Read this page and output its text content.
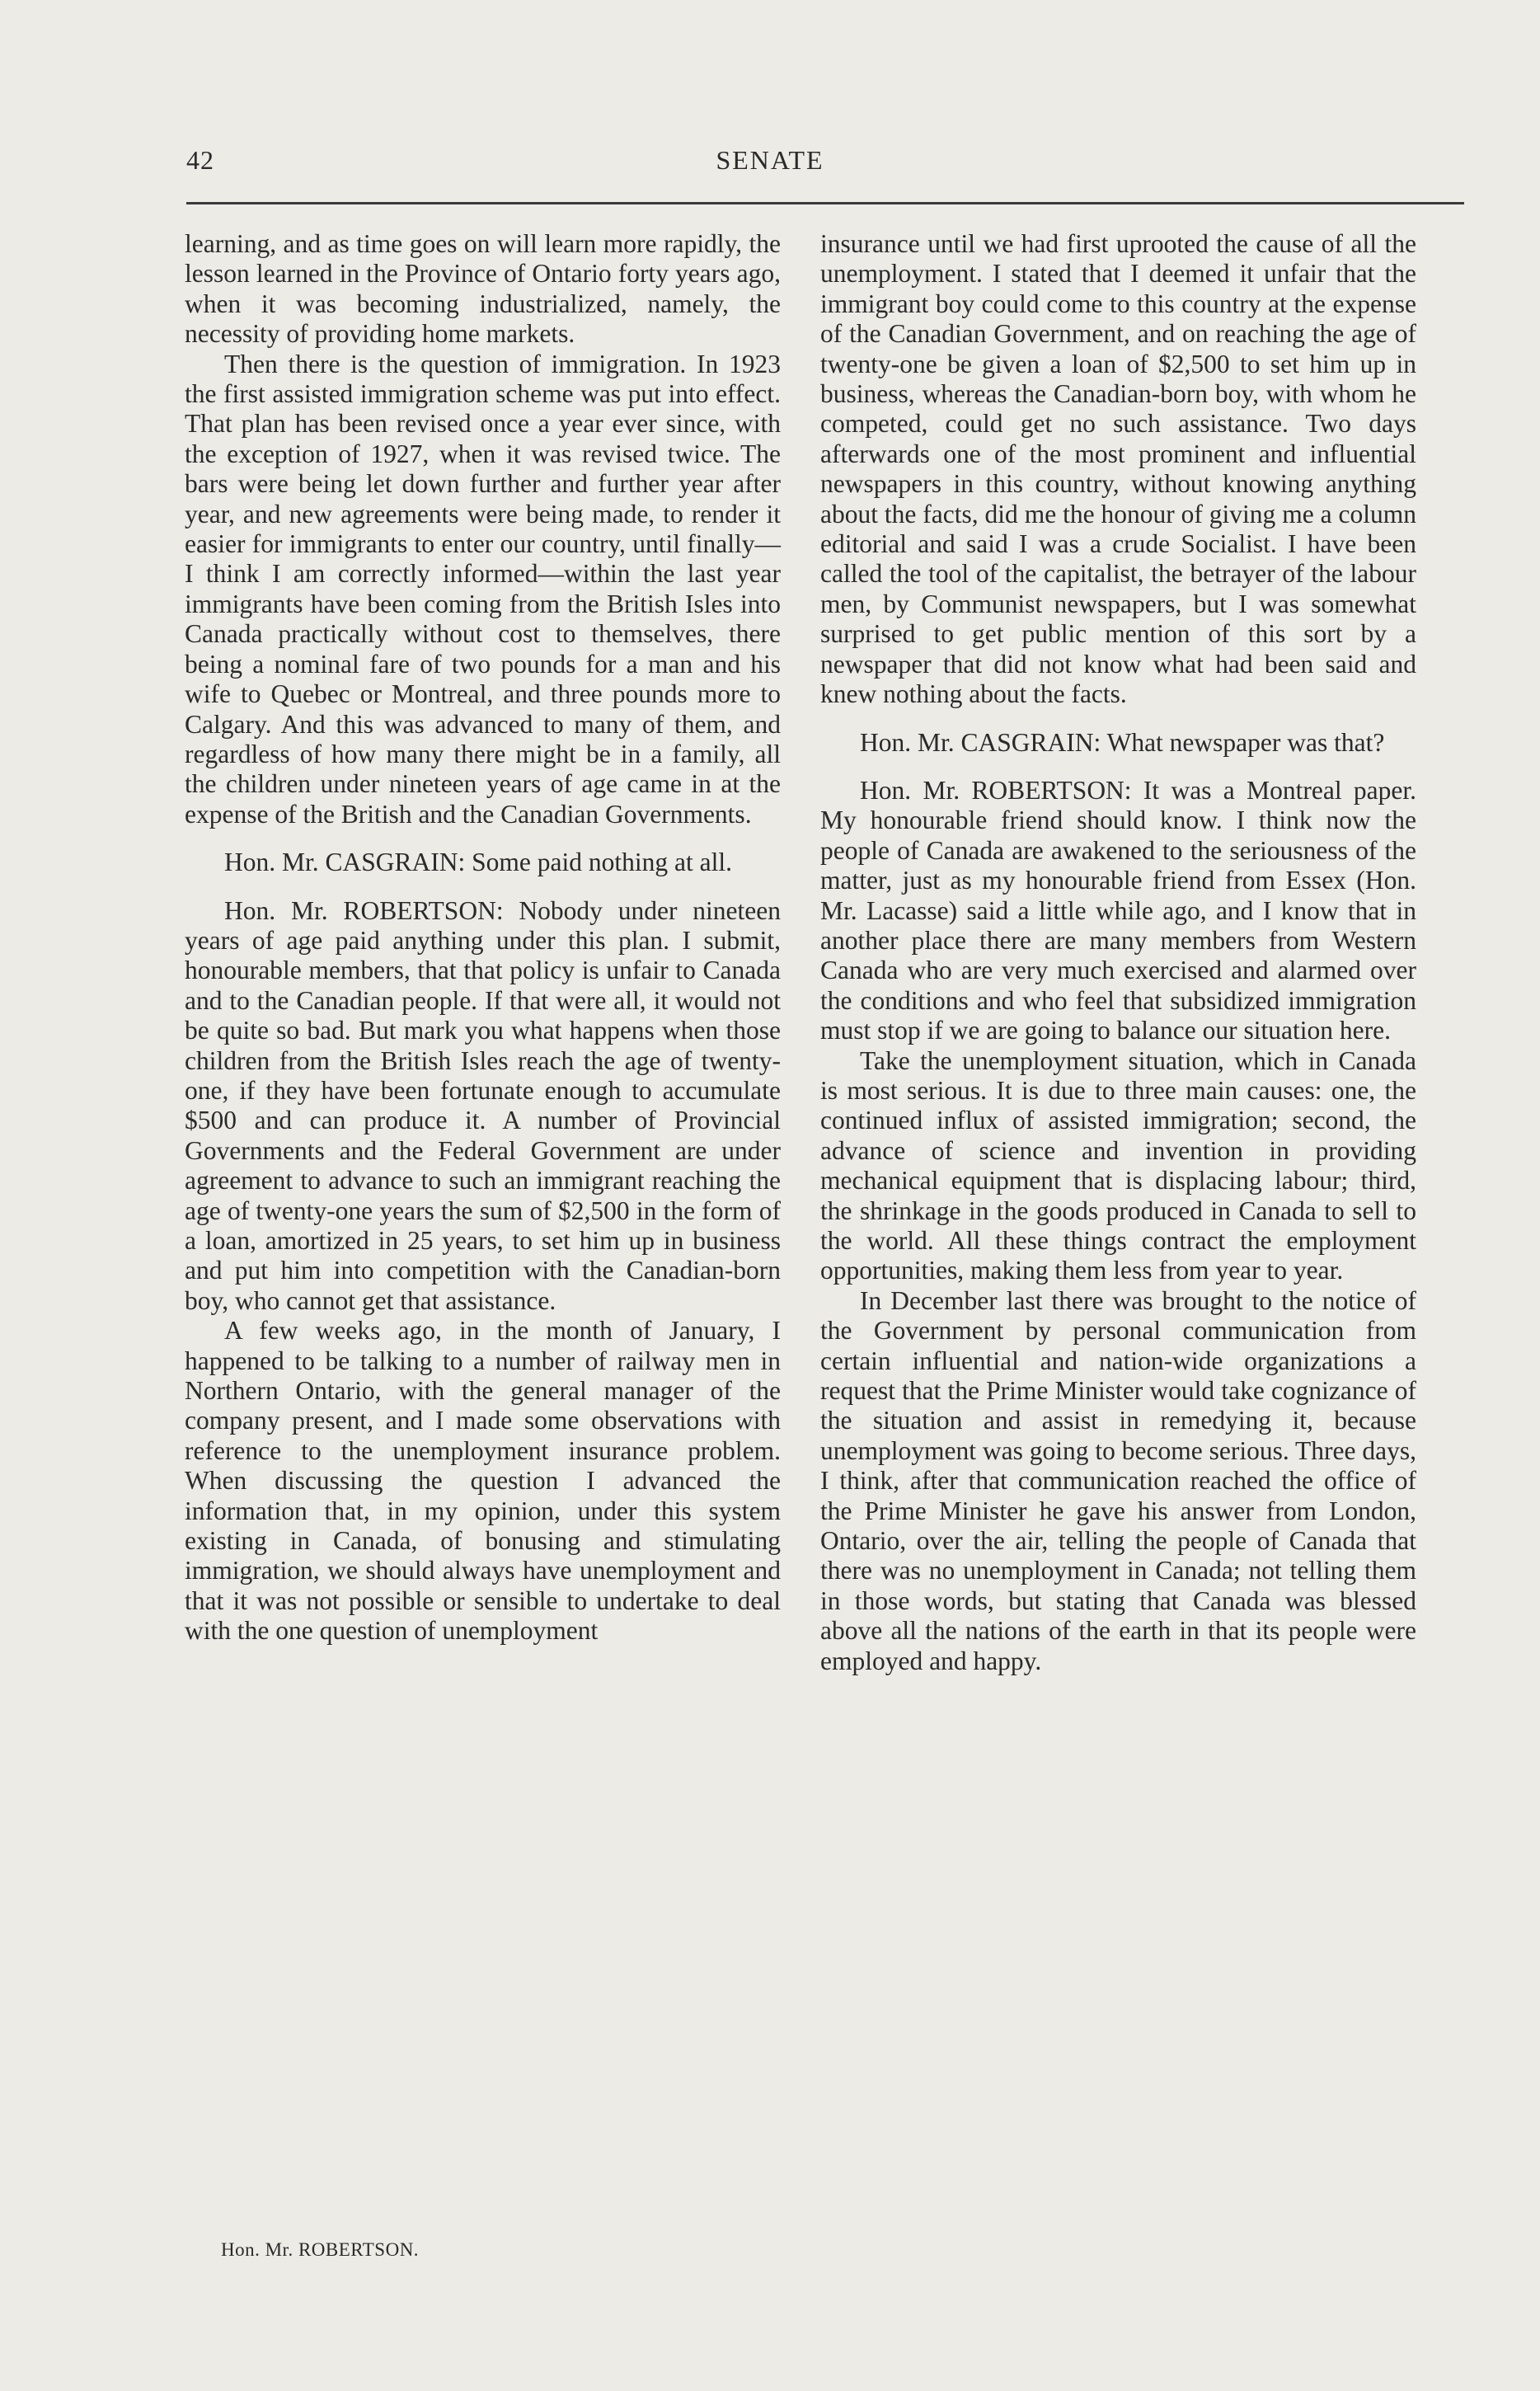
42	SENATE

learning, and as time goes on will learn more rapidly, the lesson learned in the Province of Ontario forty years ago, when it was becoming industrialized, namely, the necessity of providing home markets.

Then there is the question of immigration. In 1923 the first assisted immigration scheme was put into effect. That plan has been revised once a year ever since, with the exception of 1927, when it was revised twice. The bars were being let down further and further year after year, and new agreements were being made, to render it easier for immigrants to enter our country, until finally—I think I am correctly informed—within the last year immigrants have been coming from the British Isles into Canada practically without cost to themselves, there being a nominal fare of two pounds for a man and his wife to Quebec or Montreal, and three pounds more to Calgary. And this was advanced to many of them, and regardless of how many there might be in a family, all the children under nineteen years of age came in at the expense of the British and the Canadian Governments.

Hon. Mr. CASGRAIN: Some paid nothing at all.

Hon. Mr. ROBERTSON: Nobody under nineteen years of age paid anything under this plan. I submit, honourable members, that that policy is unfair to Canada and to the Canadian people. If that were all, it would not be quite so bad. But mark you what happens when those children from the British Isles reach the age of twenty-one, if they have been fortunate enough to accumulate $500 and can produce it. A number of Provincial Governments and the Federal Government are under agreement to advance to such an immigrant reaching the age of twenty-one years the sum of $2,500 in the form of a loan, amortized in 25 years, to set him up in business and put him into competition with the Canadian-born boy, who cannot get that assistance.

A few weeks ago, in the month of January, I happened to be talking to a number of railway men in Northern Ontario, with the general manager of the company present, and I made some observations with reference to the unemployment insurance problem. When discussing the question I advanced the information that, in my opinion, under this system existing in Canada, of bonusing and stimulating immigration, we should always have unemployment and that it was not possible or sensible to undertake to deal with the one question of unemployment

insurance until we had first uprooted the cause of all the unemployment. I stated that I deemed it unfair that the immigrant boy could come to this country at the expense of the Canadian Government, and on reaching the age of twenty-one be given a loan of $2,500 to set him up in business, whereas the Canadian-born boy, with whom he competed, could get no such assistance. Two days afterwards one of the most prominent and influential newspapers in this country, without knowing anything about the facts, did me the honour of giving me a column editorial and said I was a crude Socialist. I have been called the tool of the capitalist, the betrayer of the labour men, by Communist newspapers, but I was somewhat surprised to get public mention of this sort by a newspaper that did not know what had been said and knew nothing about the facts.

Hon. Mr. CASGRAIN: What newspaper was that?

Hon. Mr. ROBERTSON: It was a Montreal paper. My honourable friend should know. I think now the people of Canada are awakened to the seriousness of the matter, just as my honourable friend from Essex (Hon. Mr. Lacasse) said a little while ago, and I know that in another place there are many members from Western Canada who are very much exercised and alarmed over the conditions and who feel that subsidized immigration must stop if we are going to balance our situation here.

Take the unemployment situation, which in Canada is most serious. It is due to three main causes: one, the continued influx of assisted immigration; second, the advance of science and invention in providing mechanical equipment that is displacing labour; third, the shrinkage in the goods produced in Canada to sell to the world. All these things contract the employment opportunities, making them less from year to year.

In December last there was brought to the notice of the Government by personal communication from certain influential and nation-wide organizations a request that the Prime Minister would take cognizance of the situation and assist in remedying it, because unemployment was going to become serious. Three days, I think, after that communication reached the office of the Prime Minister he gave his answer from London, Ontario, over the air, telling the people of Canada that there was no unemployment in Canada; not telling them in those words, but stating that Canada was blessed above all the nations of the earth in that its people were employed and happy.

Hon. Mr. ROBERTSON.
